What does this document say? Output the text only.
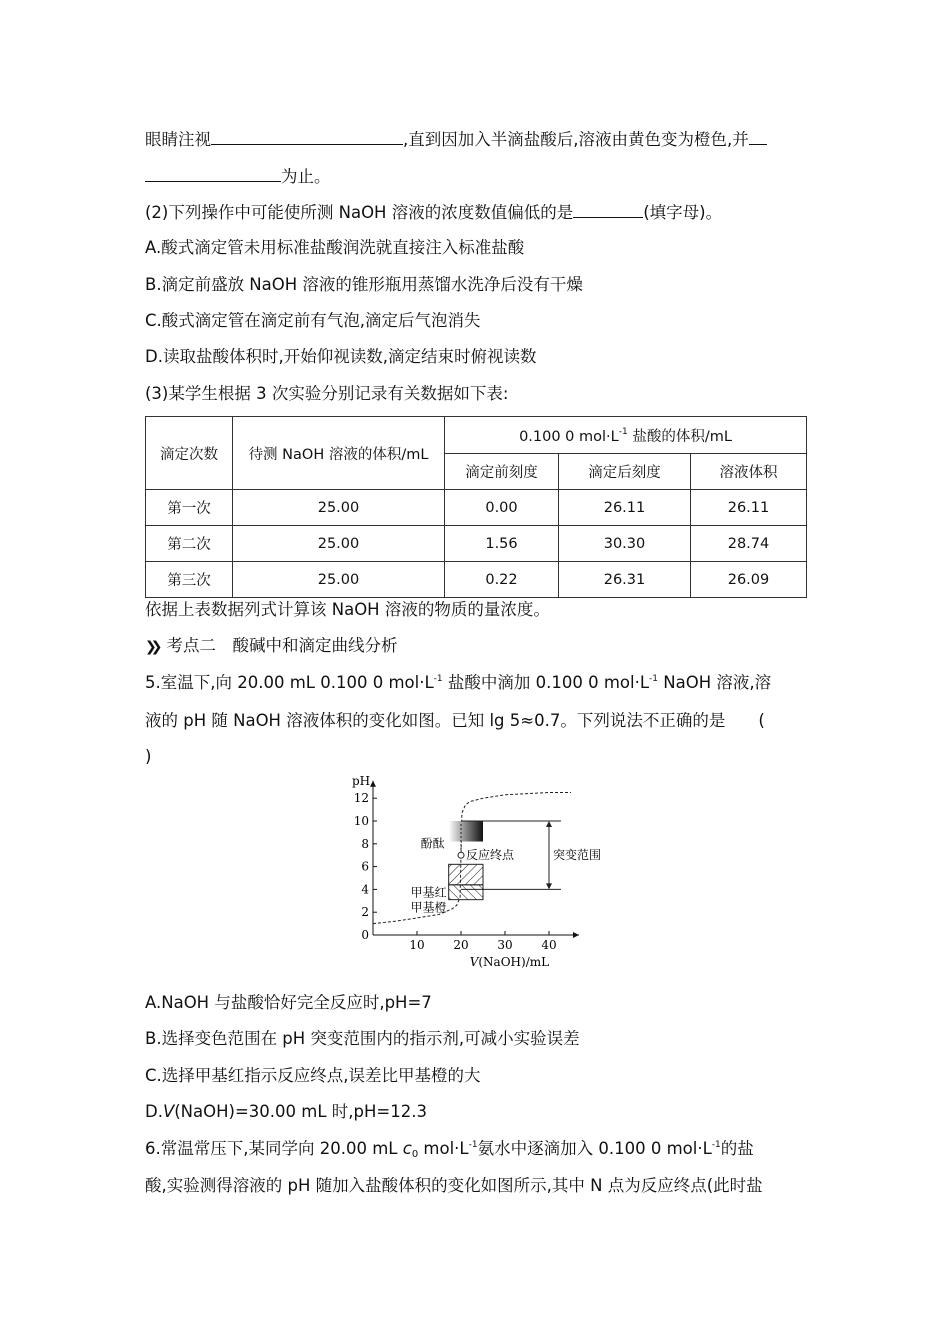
眼睛注视	,直到因加入半滴盐酸后,溶液由黄色变为橙色,并
为止。
(2)下列操作中可能使所测 NaOH 溶液的浓度数值偏低的是	(填字母)。
A.酸式滴定管未用标准盐酸润洗就直接注入标准盐酸
B.滴定前盛放 NaOH 溶液的锥形瓶用蒸馏水洗净后没有干燥
C.酸式滴定管在滴定前有气泡,滴定后气泡消失
D.读取盐酸体积时,开始仰视读数,滴定结束时俯视读数
(3)某学生根据 3 次实验分别记录有关数据如下表:
滴定次数	待测 NaOH 溶液的体积/mL	0.100 0 $mol\cdot L^{-1}$ 盐酸的体积/mL		
		滴定前刻度	滴定后刻度	溶液体积
第一次	25.00	0.00	26.11	26.11
第二次	25.00	1.56	30.30	28.74
第三次	25.00	0.22	26.31	26.09
依据上表数据列式计算该 NaOH 溶液的物质的量浓度。
❯❯ 考点二　酸碱中和滴定曲线分析
5.室温下,向 20.00 mL 0.100 0 $mol\cdot L^{-1}$ 盐酸中滴加 0.100 0 $mol\cdot L^{-1}$ NaOH 溶液,溶
液的 pH 随 NaOH 溶液体积的变化如图。已知 lg 5≈0.7。下列说法不正确的是　　(
)
pH
0
2
4
6
8
10
12
10 20 30 40
V(NaOH)/mL
酚酞
甲基红
甲基橙
突变范围
反应终点
A.NaOH 与盐酸恰好完全反应时,pH=7
B.选择变色范围在 pH 突变范围内的指示剂,可减小实验误差
C.选择甲基红指示反应终点,误差比甲基橙的大
D.V(NaOH)=30.00 mL 时,pH=12.3
6.常温常压下,某同学向 20.00 mL $c_0$ $mol\cdot L^{-1}$氨水中逐滴加入 0.100 0 $mol\cdot L^{-1}$的盐
酸,实验测得溶液的 pH 随加入盐酸体积的变化如图所示,其中 N 点为反应终点(此时盐
